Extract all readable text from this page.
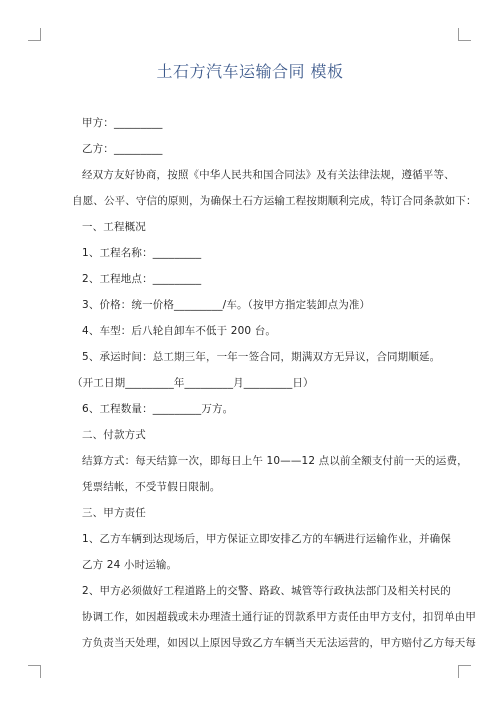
土石方汽车运输合同 模板
甲方：_________
乙方：_________
经双方友好协商，按照《中华人民共和国合同法》及有关法律法规，遵循平等、
自愿、公平、守信的原则，为确保土石方运输工程按期顺利完成，特订合同条款如下：
一、工程概况
1、工程名称：_________
2、工程地点：_________
3、价格：统一价格_________/车。（按甲方指定装卸点为准）
4、车型：后八轮自卸车不低于 200 台。
5、承运时间：总工期三年，一年一签合同，期满双方无异议，合同期顺延。
（开工日期_________年_________月_________日）
6、工程数量：_________万方。
二、付款方式
结算方式：每天结算一次，即每日上午 10——12 点以前全额支付前一天的运费，
凭票结帐，不受节假日限制。
三、甲方责任
1、乙方车辆到达现场后，甲方保证立即安排乙方的车辆进行运输作业，并确保
乙方 24 小时运输。
2、甲方必须做好工程道路上的交警、路政、城管等行政执法部门及相关村民的
协调工作，如因超载或未办理渣土通行证的罚款系甲方责任由甲方支付，扣罚单由甲
方负责当天处理，如因以上原因导致乙方车辆当天无法运营的，甲方赔付乙方每天每
